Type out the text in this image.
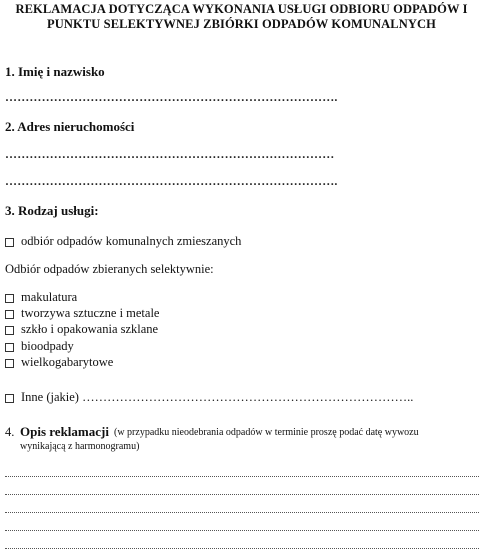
REKLAMACJA DOTYCZĄCA WYKONANIA USŁUGI ODBIORU ODPADÓW I
PUNKTU SELEKTYWNEJ ZBIÓRKI ODPADÓW KOMUNALNYCH
1. Imię i nazwisko
……………………………………………………………………….
2. Adres nieruchomości
………………………………………………………………………
……………………………………………………………………….
3. Rodzaj usługi:
odbiór odpadów komunalnych zmieszanych
Odbiór odpadów zbieranych selektywnie:
makulatura
tworzywa sztuczne i metale
szkło i opakowania szklane
bioodpady
wielkogabarytowe
Inne (jakie) ……………………………………………………………………..
4. Opis reklamacji (w przypadku nieodebrania odpadów w terminie proszę podać datę wywozu
wynikającą z harmonogramu)
